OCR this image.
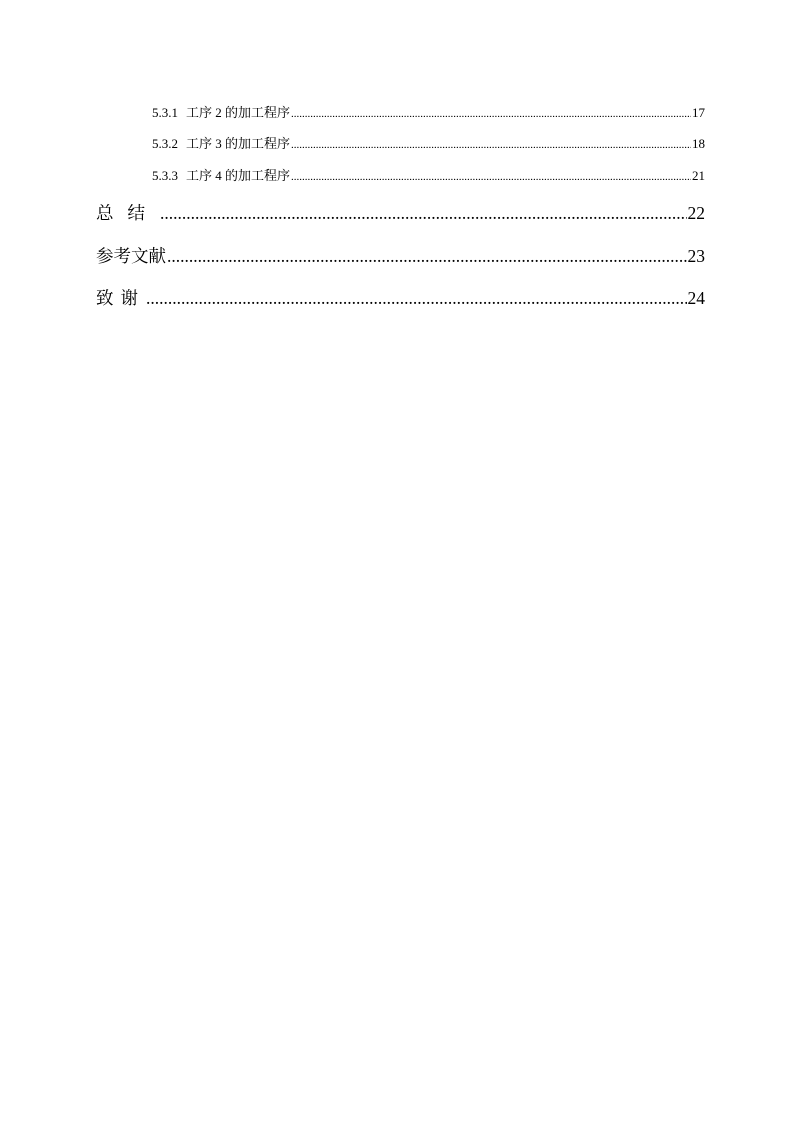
5.3.1 工序 2 的加工程序 .....	17
5.3.2 工序 3 的加工程序 .....	18
5.3.3 工序 4 的加工程序 .....	21
总结 .....	22
参考文献 .....	23
致谢 .....	24
